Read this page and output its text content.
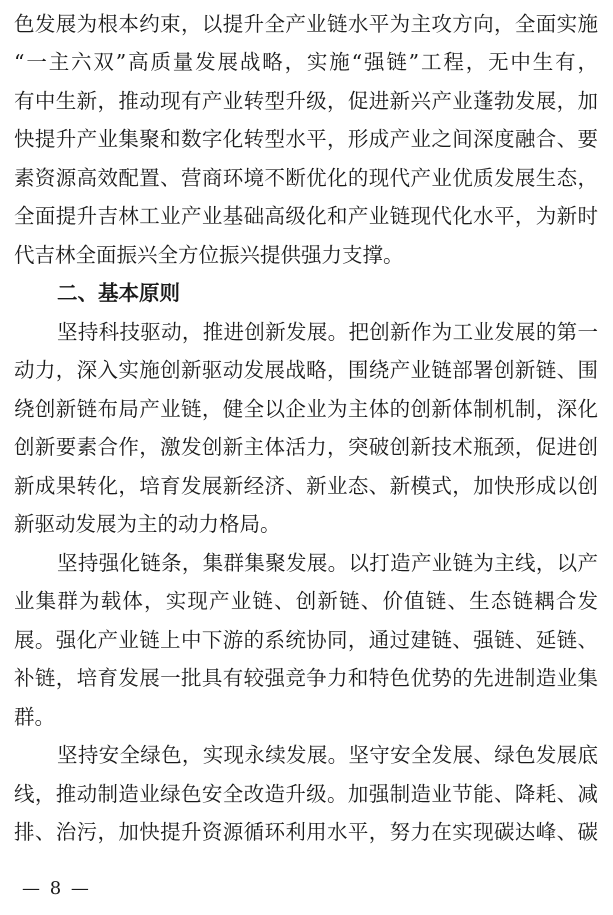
色发展为根本约束，以提升全产业链水平为主攻方向，全面实施
“一主六双”高质量发展战略，实施“强链”工程，无中生有，
有中生新，推动现有产业转型升级，促进新兴产业蓬勃发展，加
快提升产业集聚和数字化转型水平，形成产业之间深度融合、要
素资源高效配置、营商环境不断优化的现代产业优质发展生态，
全面提升吉林工业产业基础高级化和产业链现代化水平，为新时
代吉林全面振兴全方位振兴提供强力支撑。
二、基本原则
坚持科技驱动，推进创新发展。把创新作为工业发展的第一
动力，深入实施创新驱动发展战略，围绕产业链部署创新链、围
绕创新链布局产业链，健全以企业为主体的创新体制机制，深化
创新要素合作，激发创新主体活力，突破创新技术瓶颈，促进创
新成果转化，培育发展新经济、新业态、新模式，加快形成以创
新驱动发展为主的动力格局。
坚持强化链条，集群集聚发展。以打造产业链为主线，以产
业集群为载体，实现产业链、创新链、价值链、生态链耦合发
展。强化产业链上中下游的系统协同，通过建链、强链、延链、
补链，培育发展一批具有较强竞争力和特色优势的先进制造业集
群。
坚持安全绿色，实现永续发展。坚守安全发展、绿色发展底
线，推动制造业绿色安全改造升级。加强制造业节能、降耗、减
排、治污，加快提升资源循环利用水平，努力在实现碳达峰、碳
— 8 —
